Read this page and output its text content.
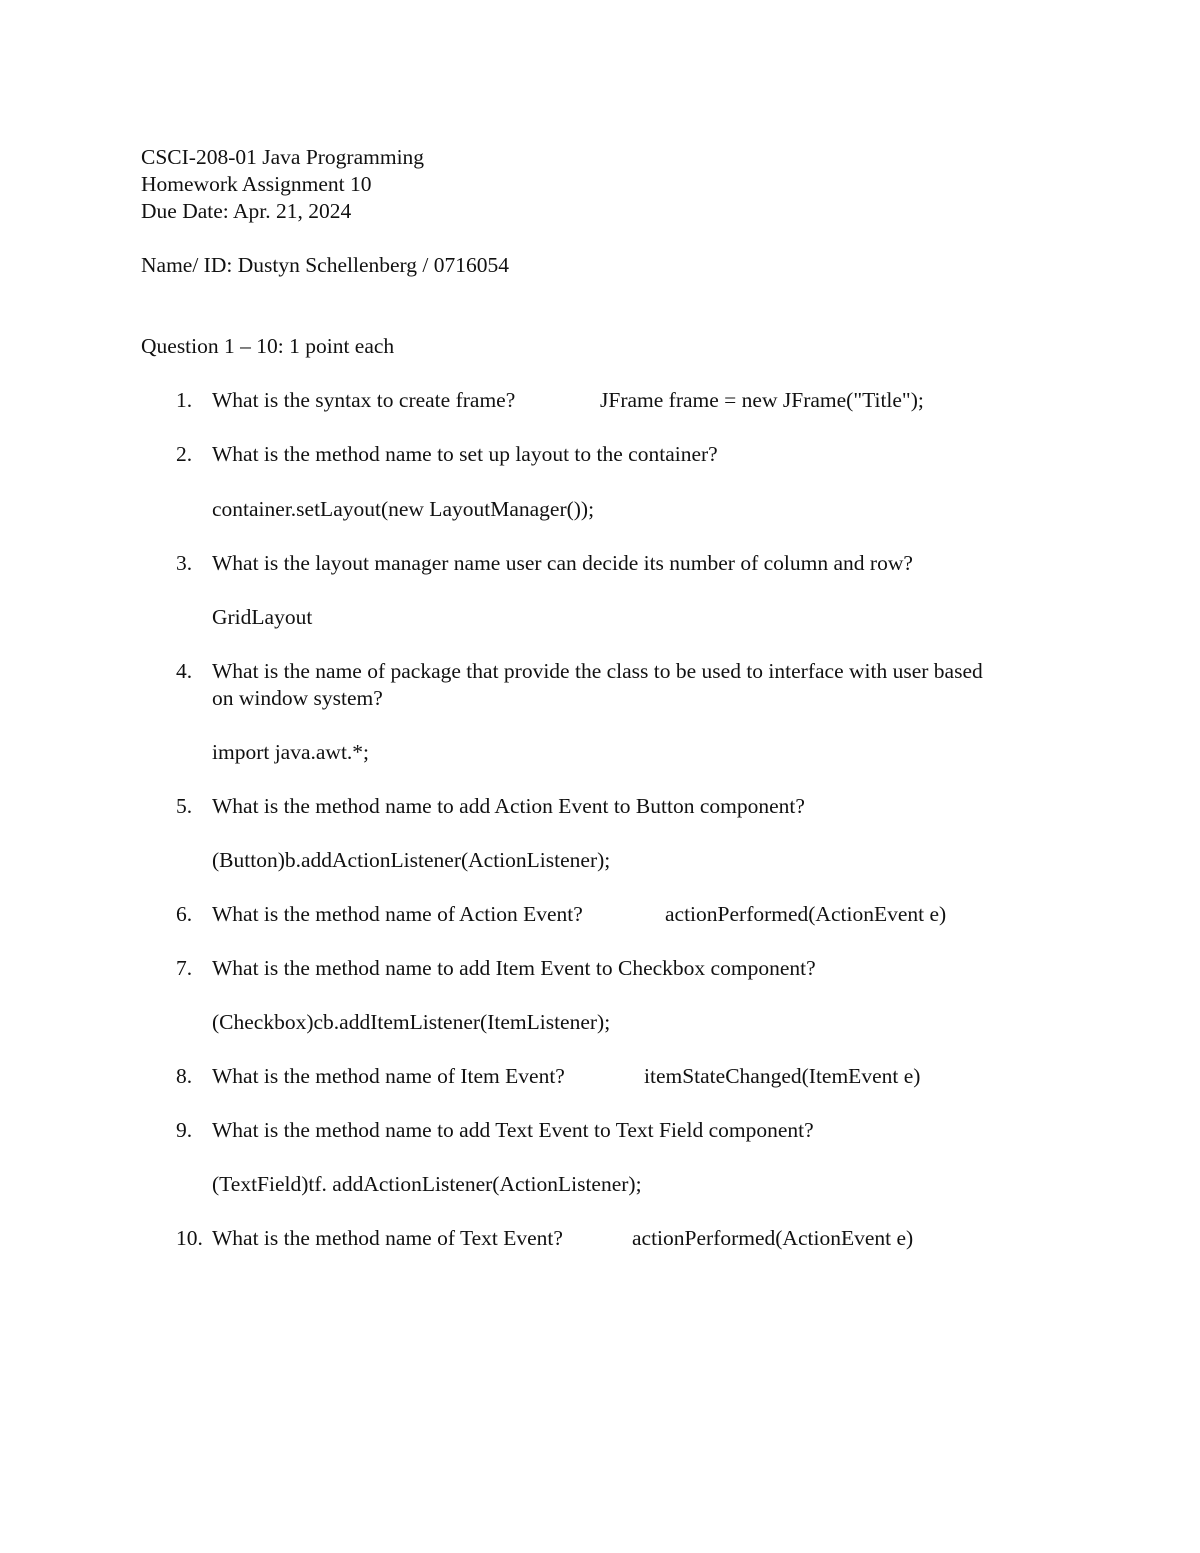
CSCI-208-01 Java Programming
Homework Assignment 10
Due Date: Apr. 21, 2024
Name/ ID: Dustyn Schellenberg / 0716054
Question 1 – 10: 1 point each
1. What is the syntax to create frame?	JFrame frame = new JFrame("Title");
2. What is the method name to set up layout to the container?
container.setLayout(new LayoutManager());
3. What is the layout manager name user can decide its number of column and row?
GridLayout
4. What is the name of package that provide the class to be used to interface with user based
on window system?
import java.awt.*;
5. What is the method name to add Action Event to Button component?
(Button)b.addActionListener(ActionListener);
6. What is the method name of Action Event?	actionPerformed(ActionEvent e)
7. What is the method name to add Item Event to Checkbox component?
(Checkbox)cb.addItemListener(ItemListener);
8. What is the method name of Item Event?	itemStateChanged(ItemEvent e)
9. What is the method name to add Text Event to Text Field component?
(TextField)tf. addActionListener(ActionListener);
10. What is the method name of Text Event?	actionPerformed(ActionEvent e)
